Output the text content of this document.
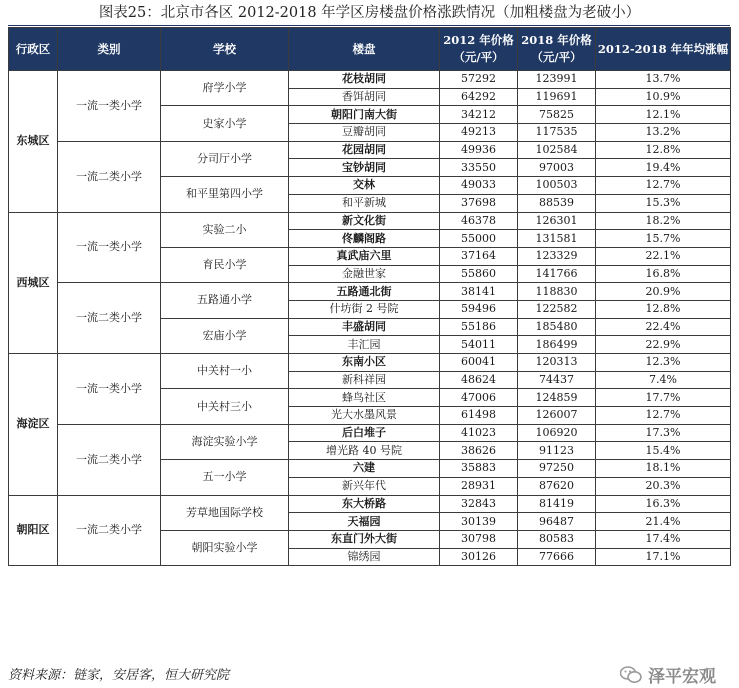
图表25：北京市各区 2012-2018 年学区房楼盘价格涨跌情况（加粗楼盘为老破小）
行政区	类别	学校	楼盘	2012 年价格（元/平）	2018 年价格（元/平）	2012-2018 年年均涨幅
东城区	一流一类小学	府学小学	花枝胡同	57292	123991	13.7%
			香饵胡同	64292	119691	10.9%
		史家小学	朝阳门南大街	34212	75825	12.1%
			豆瓣胡同	49213	117535	13.2%
	一流二类小学	分司厅小学	花园胡同	49936	102584	12.8%
			宝钞胡同	33550	97003	19.4%
		和平里第四小学	交林	49033	100503	12.7%
			和平新城	37698	88539	15.3%
西城区	一流一类小学	实验二小	新文化街	46378	126301	18.2%
			佟麟阁路	55000	131581	15.7%
		育民小学	真武庙六里	37164	123329	22.1%
			金融世家	55860	141766	16.8%
	一流二类小学	五路通小学	五路通北街	38141	118830	20.9%
			什坊街 2 号院	59496	122582	12.8%
		宏庙小学	丰盛胡同	55186	185480	22.4%
			丰汇园	54011	186499	22.9%
海淀区	一流一类小学	中关村一小	东南小区	60041	120313	12.3%
			新科祥园	48624	74437	7.4%
		中关村三小	蜂鸟社区	47006	124859	17.7%
			光大水墨风景	61498	126007	12.7%
	一流二类小学	海淀实验小学	后白堆子	41023	106920	17.3%
			增光路 40 号院	38626	91123	15.4%
		五一小学	六建	35883	97250	18.1%
			新兴年代	28931	87620	20.3%
朝阳区	一流二类小学	芳草地国际学校	东大桥路	32843	81419	16.3%
			天福园	30139	96487	21.4%
		朝阳实验小学	东直门外大街	30798	80583	17.4%
			锦绣园	30126	77666	17.1%
资料来源：链家，安居客，恒大研究院	泽平宏观
